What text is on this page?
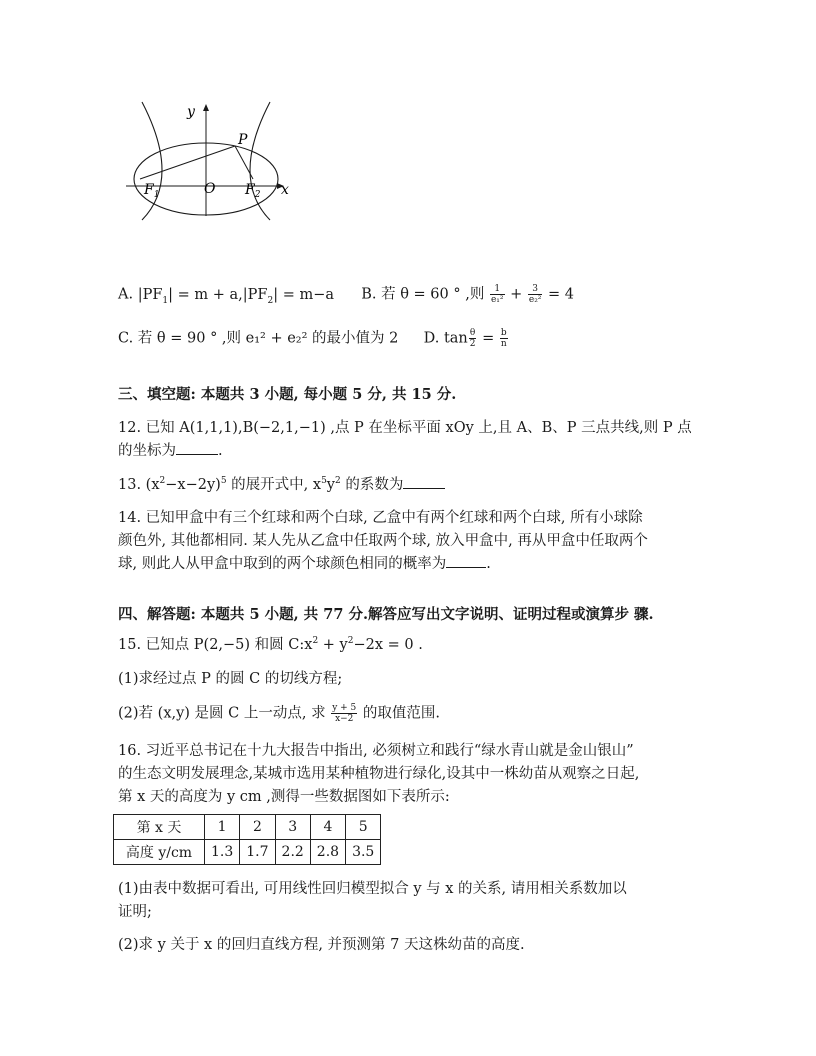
y
P
$F_1$	O $F_2$ x
A. $|PF_1| = m + a,|PF_2| = m-a$ B. 若 θ = 60 ° ,则 $\frac{1}{\text{e₁²}} + \frac{3}{\text{e₂²}} = 4$
C. 若 θ = 90 ° ,则 e₁² + e₂² 的最小值为 2 D. $\tan \frac{\theta}{2} = \frac{b}{n}$
三、填空题: 本题共 3 小题, 每小题 5 分, 共 15 分.
12. 已知 A(1,1,1),B(−2,1,−1) ,点 P 在坐标平面 xOy 上,且 A、B、P 三点共线,则 P 点
的坐标为	.
13. $(x^2-x-2y)^5$ 的展开式中, $x^5y^2$ 的系数为
14. 已知甲盒中有三个红球和两个白球, 乙盒中有两个红球和两个白球, 所有小球除
颜色外, 其他都相同. 某人先从乙盒中任取两个球, 放入甲盒中, 再从甲盒中任取两个
球, 则此人从甲盒中取到的两个球颜色相同的概率为	.
四、解答题: 本题共 5 小题, 共 77 分.解答应写出文字说明、证明过程或演算步 骤.
15. 已知点 P(2,−5) 和圆 $C:x^2 + y^2-2x = 0$ .
(1)求经过点 P 的圆 C 的切线方程;
(2)若 (x,y) 是圆 C 上一动点, 求 $\frac{y + 5}{x-2}$ 的取值范围.
16. 习近平总书记在十九大报告中指出, 必须树立和践行“绿水青山就是金山银山”
的生态文明发展理念,某城市选用某种植物进行绿化,设其中一株幼苗从观察之日起,
第 x 天的高度为 y cm ,测得一些数据图如下表所示:
第 x 天	1	2	3	4	5
高度 y/cm	1.3	1.7	2.2	2.8	3.5
(1)由表中数据可看出, 可用线性回归模型拟合 y 与 x 的关系, 请用相关系数加以
证明;
(2)求 y 关于 x 的回归直线方程, 并预测第 7 天这株幼苗的高度.
